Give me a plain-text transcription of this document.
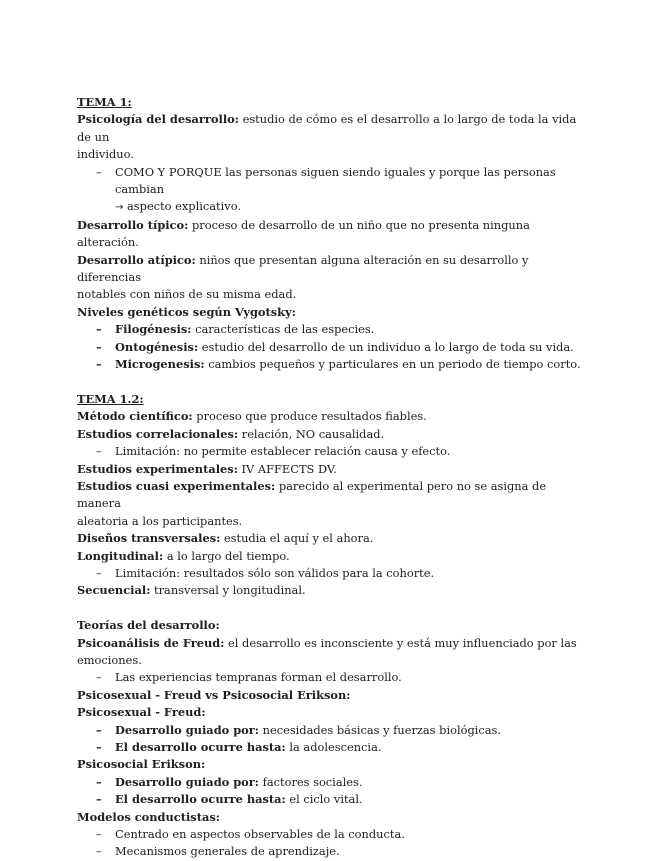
TEMA 1:

Psicología del desarrollo: estudio de cómo es el desarrollo a lo largo de toda la vida de un

individuo.

– COMO Y PORQUE las personas siguen siendo iguales y porque las personas cambian
→ aspecto explicativo.

Desarrollo típico: proceso de desarrollo de un niño que no presenta ninguna alteración.

Desarrollo atípico: niños que presentan alguna alteración en su desarrollo y diferencias

notables con niños de su misma edad.

Niveles genéticos según Vygotsky:

– Filogénesis: características de las especies.
– Ontogénesis: estudio del desarrollo de un individuo a lo largo de toda su vida.
– Microgenesis: cambios pequeños y particulares en un periodo de tiempo corto.

TEMA 1.2:

Método científico: proceso que produce resultados fiables.

Estudios correlacionales: relación, NO causalidad.

– Limitación: no permite establecer relación causa y efecto.

Estudios experimentales: IV AFFECTS DV.

Estudios cuasi experimentales: parecido al experimental pero no se asigna de manera

aleatoria a los participantes.

Diseños transversales: estudia el aquí y el ahora.

Longitudinal: a lo largo del tiempo.

– Limitación: resultados sólo son válidos para la cohorte.

Secuencial: transversal y longitudinal.

Teorías del desarrollo:

Psicoanálisis de Freud: el desarrollo es inconsciente y está muy influenciado por las

emociones.

– Las experiencias tempranas forman el desarrollo.

Psicosexual - Freud vs Psicosocial Erikson:

Psicosexual - Freud:

– Desarrollo guiado por: necesidades básicas y fuerzas biológicas.
– El desarrollo ocurre hasta: la adolescencia.

Psicosocial Erikson:

– Desarrollo guiado por: factores sociales.
– El desarrollo ocurre hasta: el ciclo vital.

Modelos conductistas:

– Centrado en aspectos observables de la conducta.
– Mecanismos generales de aprendizaje.
